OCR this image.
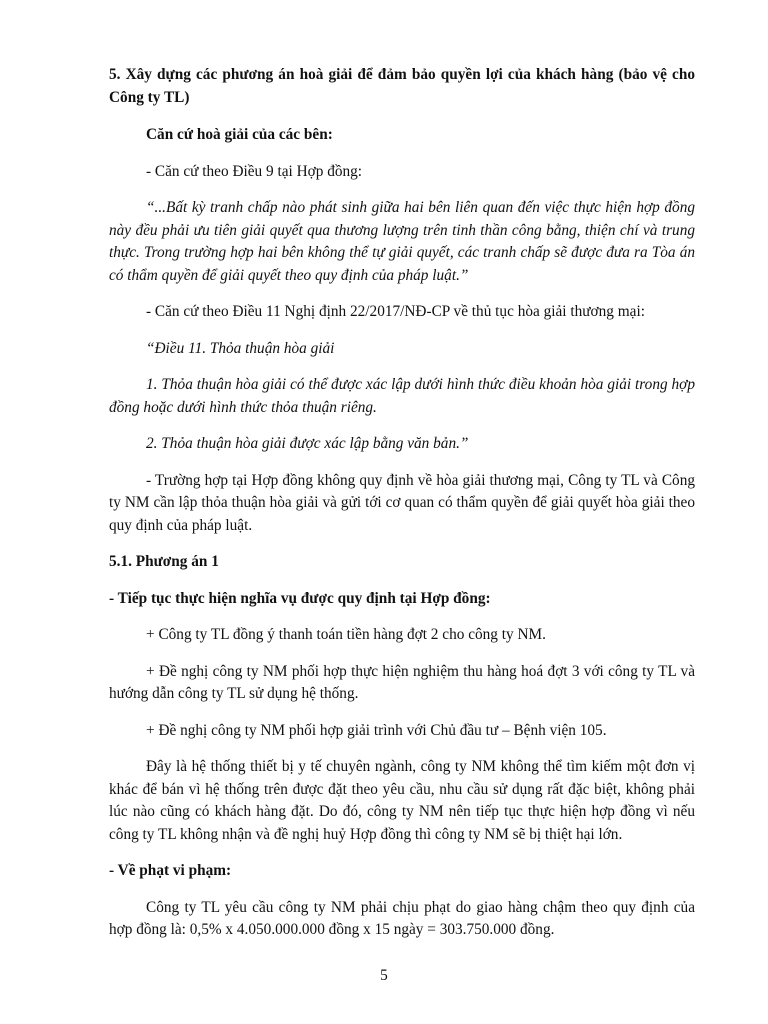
5. Xây dựng các phương án hoà giải để đảm bảo quyền lợi của khách hàng (bảo vệ cho Công ty TL)

Căn cứ hoà giải của các bên:

- Căn cứ theo Điều 9 tại Hợp đồng:

“...Bất kỳ tranh chấp nào phát sinh giữa hai bên liên quan đến việc thực hiện hợp đồng này đều phải ưu tiên giải quyết qua thương lượng trên tinh thần công bằng, thiện chí và trung thực. Trong trường hợp hai bên không thể tự giải quyết, các tranh chấp sẽ được đưa ra Tòa án có thẩm quyền để giải quyết theo quy định của pháp luật.”

- Căn cứ theo Điều 11 Nghị định 22/2017/NĐ-CP về thủ tục hòa giải thương mại:

“Điều 11. Thỏa thuận hòa giải

1. Thỏa thuận hòa giải có thể được xác lập dưới hình thức điều khoản hòa giải trong hợp đồng hoặc dưới hình thức thỏa thuận riêng.

2. Thỏa thuận hòa giải được xác lập bằng văn bản.”

- Trường hợp tại Hợp đồng không quy định về hòa giải thương mại, Công ty TL và Công ty NM cần lập thỏa thuận hòa giải và gửi tới cơ quan có thẩm quyền để giải quyết hòa giải theo quy định của pháp luật.

5.1. Phương án 1

- Tiếp tục thực hiện nghĩa vụ được quy định tại Hợp đồng:

+ Công ty TL đồng ý thanh toán tiền hàng đợt 2 cho công ty NM.

+ Đề nghị công ty NM phối hợp thực hiện nghiệm thu hàng hoá đợt 3 với công ty TL và hướng dẫn công ty TL sử dụng hệ thống.

+ Đề nghị công ty NM phối hợp giải trình với Chủ đầu tư – Bệnh viện 105.

Đây là hệ thống thiết bị y tế chuyên ngành, công ty NM không thể tìm kiếm một đơn vị khác để bán vì hệ thống trên được đặt theo yêu cầu, nhu cầu sử dụng rất đặc biệt, không phải lúc nào cũng có khách hàng đặt. Do đó, công ty NM nên tiếp tục thực hiện hợp đồng vì nếu công ty TL không nhận và đề nghị huỷ Hợp đồng thì công ty NM sẽ bị thiệt hại lớn.

- Về phạt vi phạm:

Công ty TL yêu cầu công ty NM phải chịu phạt do giao hàng chậm theo quy định của hợp đồng là: 0,5% x 4.050.000.000 đồng x 15 ngày = 303.750.000 đồng.

5
